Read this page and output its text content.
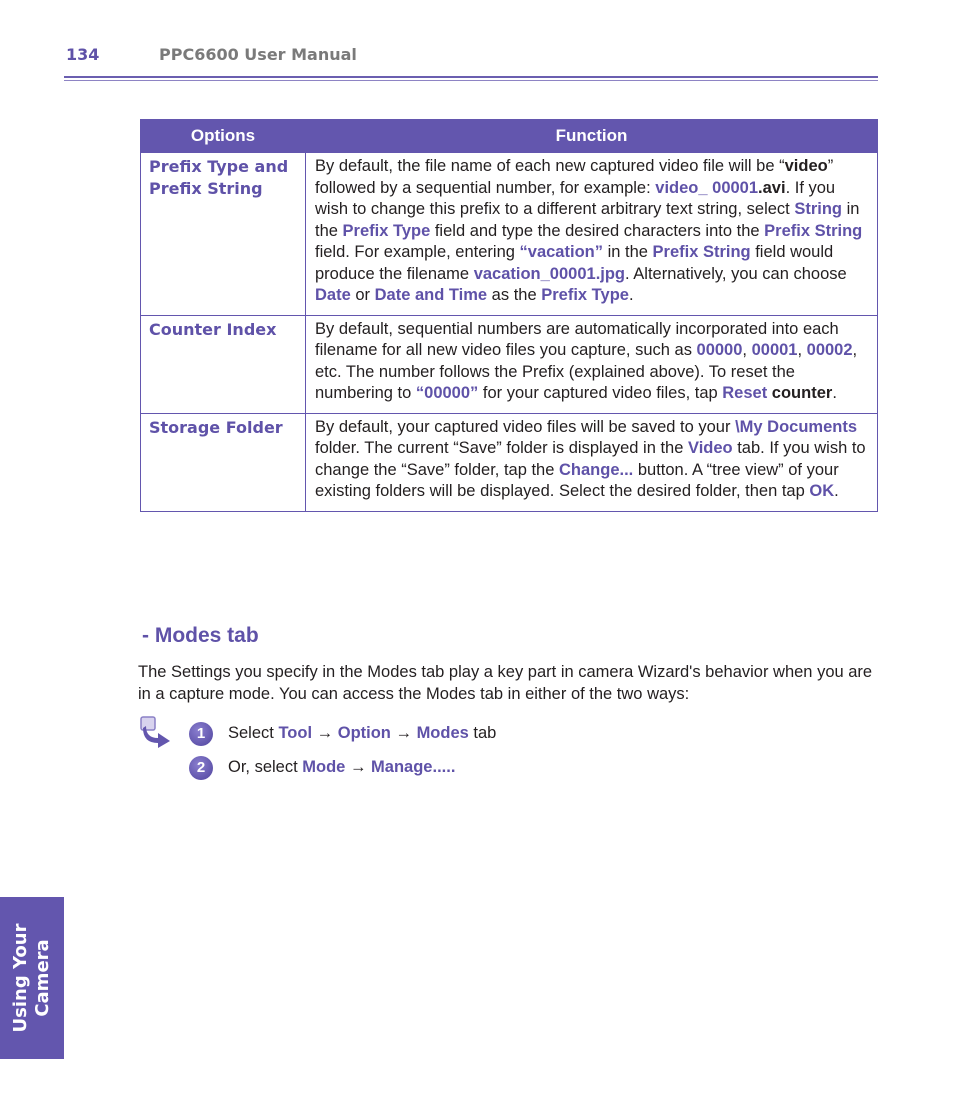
134	PPC6600 User Manual
Options	Function
Prefix Type and
Prefix String	By default, the file name of each new captured video file will be “video” followed by a sequential number, for example: video_ 00001.avi. If you wish to change this prefix to a different arbitrary text string, select String in the Prefix Type field and type the desired characters into the Prefix String field. For example, entering “vacation” in the Prefix String field would produce the filename vacation_00001.jpg. Alternatively, you can choose Date or Date and Time as the Prefix Type.
Counter Index	By default, sequential numbers are automatically incorporated into each filename for all new video files you capture, such as 00000, 00001, 00002, etc. The number follows the Prefix (explained above). To reset the numbering to “00000” for your captured video files, tap Reset counter.
Storage Folder	By default, your captured video files will be saved to your \My Documents folder. The current “Save” folder is displayed in the Video tab. If you wish to change the “Save” folder, tap the Change... button. A “tree view” of your existing folders will be displayed. Select the desired folder, then tap OK.
- Modes tab
The Settings you specify in the Modes tab play a key part in camera Wizard's behavior when you are in a capture mode. You can access the Modes tab in either of the two ways:
1 Select Tool → Option → Modes tab
2 Or, select Mode → Manage.....
Using Your
Camera
